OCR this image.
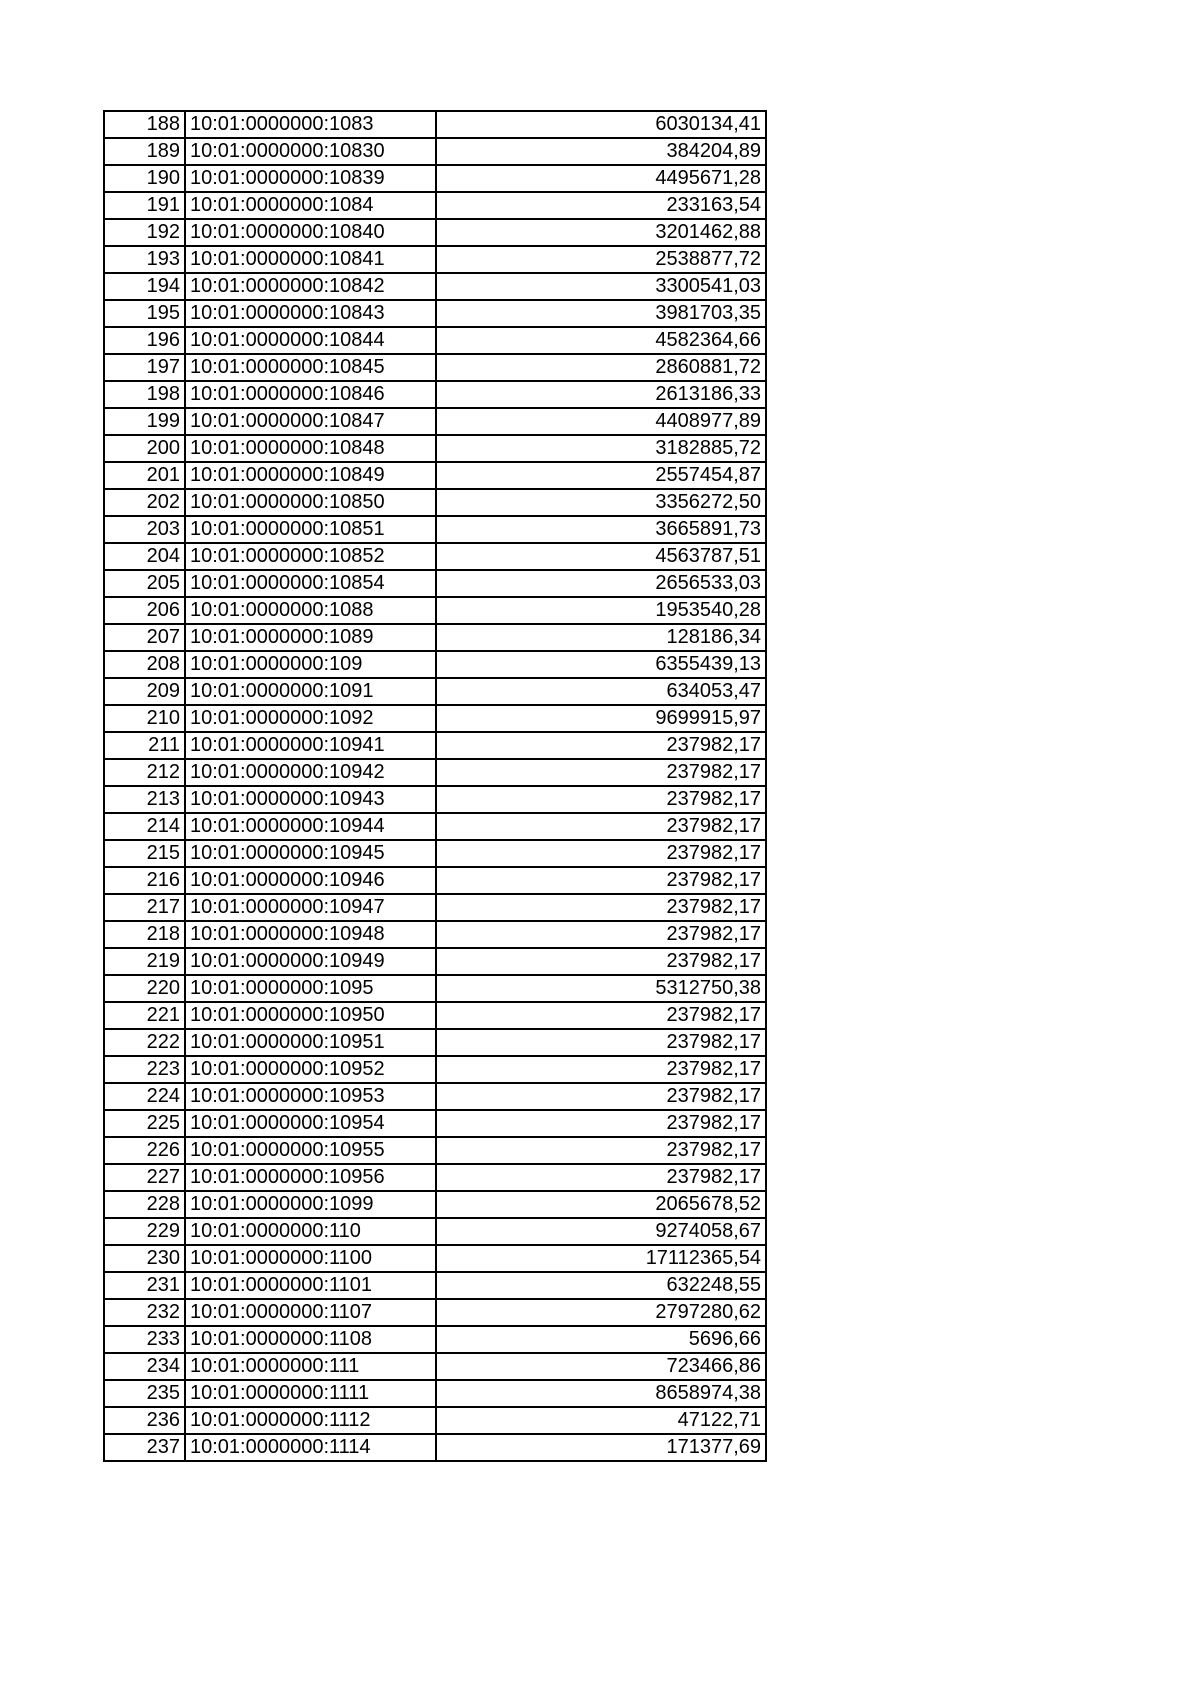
188	10:01:0000000:1083	6030134,41
189	10:01:0000000:10830	384204,89
190	10:01:0000000:10839	4495671,28
191	10:01:0000000:1084	233163,54
192	10:01:0000000:10840	3201462,88
193	10:01:0000000:10841	2538877,72
194	10:01:0000000:10842	3300541,03
195	10:01:0000000:10843	3981703,35
196	10:01:0000000:10844	4582364,66
197	10:01:0000000:10845	2860881,72
198	10:01:0000000:10846	2613186,33
199	10:01:0000000:10847	4408977,89
200	10:01:0000000:10848	3182885,72
201	10:01:0000000:10849	2557454,87
202	10:01:0000000:10850	3356272,50
203	10:01:0000000:10851	3665891,73
204	10:01:0000000:10852	4563787,51
205	10:01:0000000:10854	2656533,03
206	10:01:0000000:1088	1953540,28
207	10:01:0000000:1089	128186,34
208	10:01:0000000:109	6355439,13
209	10:01:0000000:1091	634053,47
210	10:01:0000000:1092	9699915,97
211	10:01:0000000:10941	237982,17
212	10:01:0000000:10942	237982,17
213	10:01:0000000:10943	237982,17
214	10:01:0000000:10944	237982,17
215	10:01:0000000:10945	237982,17
216	10:01:0000000:10946	237982,17
217	10:01:0000000:10947	237982,17
218	10:01:0000000:10948	237982,17
219	10:01:0000000:10949	237982,17
220	10:01:0000000:1095	5312750,38
221	10:01:0000000:10950	237982,17
222	10:01:0000000:10951	237982,17
223	10:01:0000000:10952	237982,17
224	10:01:0000000:10953	237982,17
225	10:01:0000000:10954	237982,17
226	10:01:0000000:10955	237982,17
227	10:01:0000000:10956	237982,17
228	10:01:0000000:1099	2065678,52
229	10:01:0000000:110	9274058,67
230	10:01:0000000:1100	17112365,54
231	10:01:0000000:1101	632248,55
232	10:01:0000000:1107	2797280,62
233	10:01:0000000:1108	5696,66
234	10:01:0000000:111	723466,86
235	10:01:0000000:1111	8658974,38
236	10:01:0000000:1112	47122,71
237	10:01:0000000:1114	171377,69
